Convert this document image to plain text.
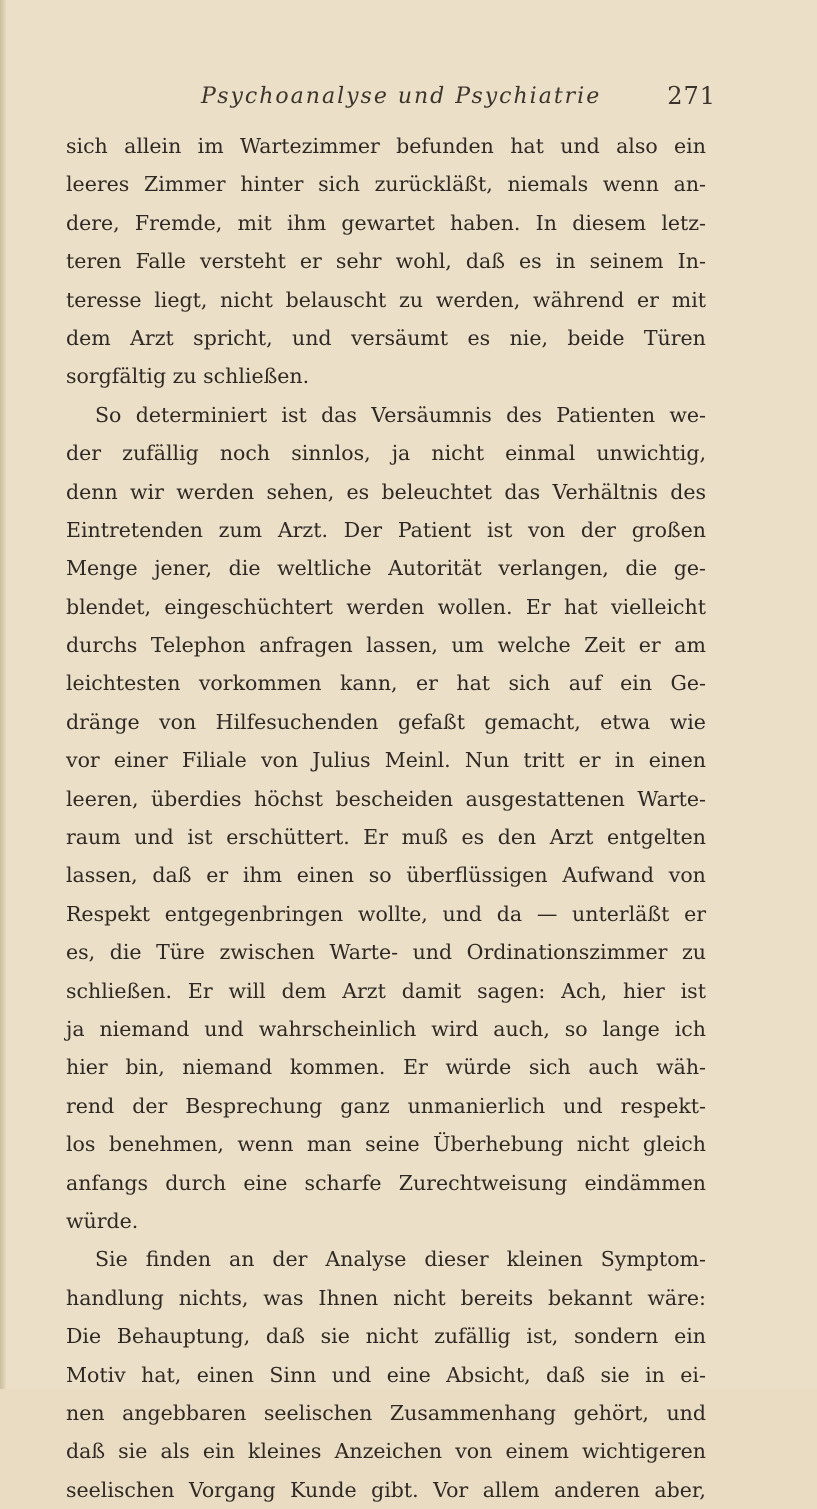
Psychoanalyse und Psychiatrie	271
sich allein im Wartezimmer befunden hat und also ein
leeres Zimmer hinter sich zurückläßt, niemals wenn an-
dere, Fremde, mit ihm gewartet haben. In diesem letz-
teren Falle versteht er sehr wohl, daß es in seinem In-
teresse liegt, nicht belauscht zu werden, während er mit
dem Arzt spricht, und versäumt es nie, beide Türen
sorgfältig zu schließen.
So determiniert ist das Versäumnis des Patienten we-
der zufällig noch sinnlos, ja nicht einmal unwichtig,
denn wir werden sehen, es beleuchtet das Verhältnis des
Eintretenden zum Arzt. Der Patient ist von der großen
Menge jener, die weltliche Autorität verlangen, die ge-
blendet, eingeschüchtert werden wollen. Er hat vielleicht
durchs Telephon anfragen lassen, um welche Zeit er am
leichtesten vorkommen kann, er hat sich auf ein Ge-
dränge von Hilfesuchenden gefaßt gemacht, etwa wie
vor einer Filiale von Julius Meinl. Nun tritt er in einen
leeren, überdies höchst bescheiden ausgestattenen Warte-
raum und ist erschüttert. Er muß es den Arzt entgelten
lassen, daß er ihm einen so überflüssigen Aufwand von
Respekt entgegenbringen wollte, und da — unterläßt er
es, die Türe zwischen Warte- und Ordinationszimmer zu
schließen. Er will dem Arzt damit sagen: Ach, hier ist
ja niemand und wahrscheinlich wird auch, so lange ich
hier bin, niemand kommen. Er würde sich auch wäh-
rend der Besprechung ganz unmanierlich und respekt-
los benehmen, wenn man seine Überhebung nicht gleich
anfangs durch eine scharfe Zurechtweisung eindämmen
würde.
Sie finden an der Analyse dieser kleinen Symptom-
handlung nichts, was Ihnen nicht bereits bekannt wäre:
Die Behauptung, daß sie nicht zufällig ist, sondern ein
Motiv hat, einen Sinn und eine Absicht, daß sie in ei-
nen angebbaren seelischen Zusammenhang gehört, und
daß sie als ein kleines Anzeichen von einem wichtigeren
seelischen Vorgang Kunde gibt. Vor allem anderen aber,
